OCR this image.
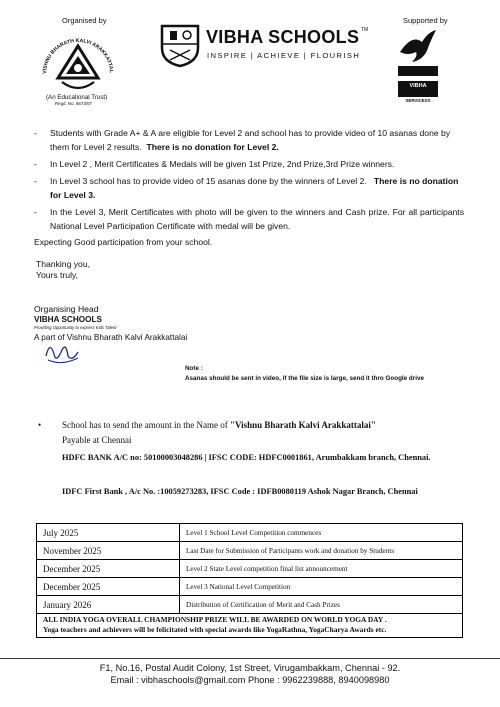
Organised by	Supported by
VISHNU BHARATH KALVI ARAKKATTAL
(An Educational Trust)
Regd. No. 6673/07
VIBHA SCHOOLS TM
INSPIRE | ACHIEVE | FLOURISH
VIBHA
SERVICESS
-	Students with Grade A+ & A are eligible for Level 2 and school has to provide video of 10 asanas done by them for Level 2 results. There is no donation for Level 2.
-	In Level 2 , Merit Certificates & Medals will be given 1st Prize, 2nd Prize,3rd Prize winners.
-	In Level 3 school has to provide video of 15 asanas done by the winners of Level 2. There is no donation for Level 3.
-	In the Level 3, Merit Certificates with photo will be given to the winners and Cash prize. For all participants National Level Participation Certificate with medal will be given.
Expecting Good participation from your school.
Thanking you,
Yours truly,
Organising Head
VIBHA SCHOOLS
Providing Opportunity to express Kids Talent
A part of Vishnu Bharath Kalvi Arakkattalai
Note :
Asanas should be sent in video, if the file size is large, send it thro Google drive
• School has to send the amount in the Name of "Vishnu Bharath Kalvi Arakkattalai"
Payable at Chennai
HDFC BANK A/C no: 50100003048286 | IFSC CODE: HDFC0001861, Arumbakkam branch, Chennai.
IDFC First Bank , A/c No. :10059273283, IFSC Code : IDFB0080119 Ashok Nagar Branch, Chennai
July 2025	Level 1 School Level Competition commences
November 2025	Last Date for Submission of Participants work and donation by Students
December 2025	Level 2 State Level competition final list announcement
December 2025	Level 3 National Level Competition
January 2026	Distribution of Certification of Merit and Cash Prizes

ALL INDIA YOGA OVERALL CHAMPIONSHIP PRIZE WILL BE AWARDED ON WORLD YOGA DAY .
Yoga teachers and achievers will be felicitated with special awards like YogaRathna, YogaCharya Awards etc.	
F1, No.16, Postal Audit Colony, 1st Street, Virugambakkam, Chennai - 92.
Email : vibhaschools@gmail.com Phone : 9962239888, 8940098980
